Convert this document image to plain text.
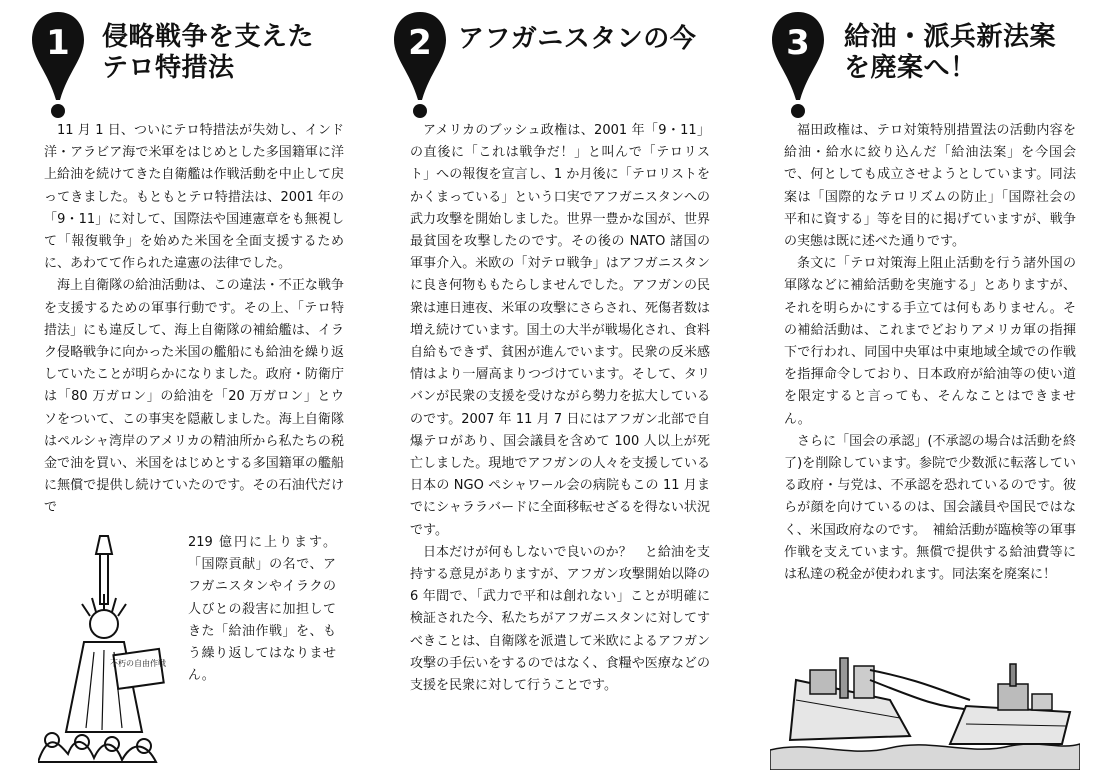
1 侵略戦争を支えた
テロ特措法

11 月 1 日、ついにテロ特措法が失効し、インド洋・アラビア海で米軍をはじめとした多国籍軍に洋上給油を続けてきた自衛艦は作戦活動を中止して戻ってきました。もともとテロ特措法は、2001 年の「9・11」に対して、国際法や国連憲章をも無視して「報復戦争」を始めた米国を全面支援するために、あわてて作られた違憲の法律でした。

海上自衛隊の給油活動は、この違法・不正な戦争を支援するための軍事行動です。その上、「テロ特措法」にも違反して、海上自衛隊の補給艦は、イラク侵略戦争に向かった米国の艦船にも給油を繰り返していたことが明らかになりました。政府・防衛庁は「80 万ガロン」の給油を「20 万ガロン」とウソをついて、この事実を隠蔽しました。海上自衛隊はペルシャ湾岸のアメリカの精油所から私たちの税金で油を買い、米国をはじめとする多国籍軍の艦船に無償で提供し続けていたのです。その石油代だけで

不朽の自由作戦
219 億円に上ります。「国際貢献」の名で、アフガニスタンやイラクの人びとの殺害に加担してきた「給油作戦」を、もう繰り返してはなりません。
2 アフガニスタンの今

アメリカのブッシュ政権は、2001 年「9・11」の直後に「これは戦争だ！」と叫んで「テロリスト」への報復を宣言し、1 か月後に「テロリストをかくまっている」という口実でアフガニスタンへの武力攻撃を開始しました。世界一豊かな国が、世界最貧国を攻撃したのです。その後の NATO 諸国の軍事介入。米欧の「対テロ戦争」はアフガニスタンに良き何物ももたらしませんでした。アフガンの民衆は連日連夜、米軍の攻撃にさらされ、死傷者数は増え続けています。国土の大半が戦場化され、食料自給もできず、貧困が進んでいます。民衆の反米感情はより一層高まりつづけています。そして、タリバンが民衆の支援を受けながら勢力を拡大しているのです。2007 年 11 月 7 日にはアフガン北部で自爆テロがあり、国会議員を含めて 100 人以上が死亡しました。現地でアフガンの人々を支援している日本の NGO ペシャワール会の病院もこの 11 月までにシャララバードに全面移転せざるを得ない状況です。

日本だけが何もしないで良いのか？　と給油を支持する意見がありますが、アフガン攻撃開始以降の 6 年間で、「武力で平和は創れない」ことが明確に検証された今、私たちがアフガニスタンに対してすべきことは、自衛隊を派遣して米欧によるアフガン攻撃の手伝いをするのではなく、食糧や医療などの支援を民衆に対して行うことです。

3 給油・派兵新法案
を廃案へ！

福田政権は、テロ対策特別措置法の活動内容を給油・給水に絞り込んだ「給油法案」を今国会で、何としても成立させようとしています。同法案は「国際的なテロリズムの防止」「国際社会の平和に資する」等を目的に掲げていますが、戦争の実態は既に述べた通りです。

条文に「テロ対策海上阻止活動を行う諸外国の軍隊などに補給活動を実施する」とありますが、それを明らかにする手立ては何もありません。その補給活動は、これまでどおりアメリカ軍の指揮下で行われ、同国中央軍は中東地域全域での作戦を指揮命令しており、日本政府が給油等の使い道を限定すると言っても、そんなことはできません。

さらに「国会の承認」(不承認の場合は活動を終了)を削除しています。参院で少数派に転落している政府・与党は、不承認を恐れているのです。彼らが顔を向けているのは、国会議員や国民ではなく、米国政府なのです。　補給活動が臨検等の軍事作戦を支えています。無償で提供する給油費等には私達の税金が使われます。同法案を廃案に！
